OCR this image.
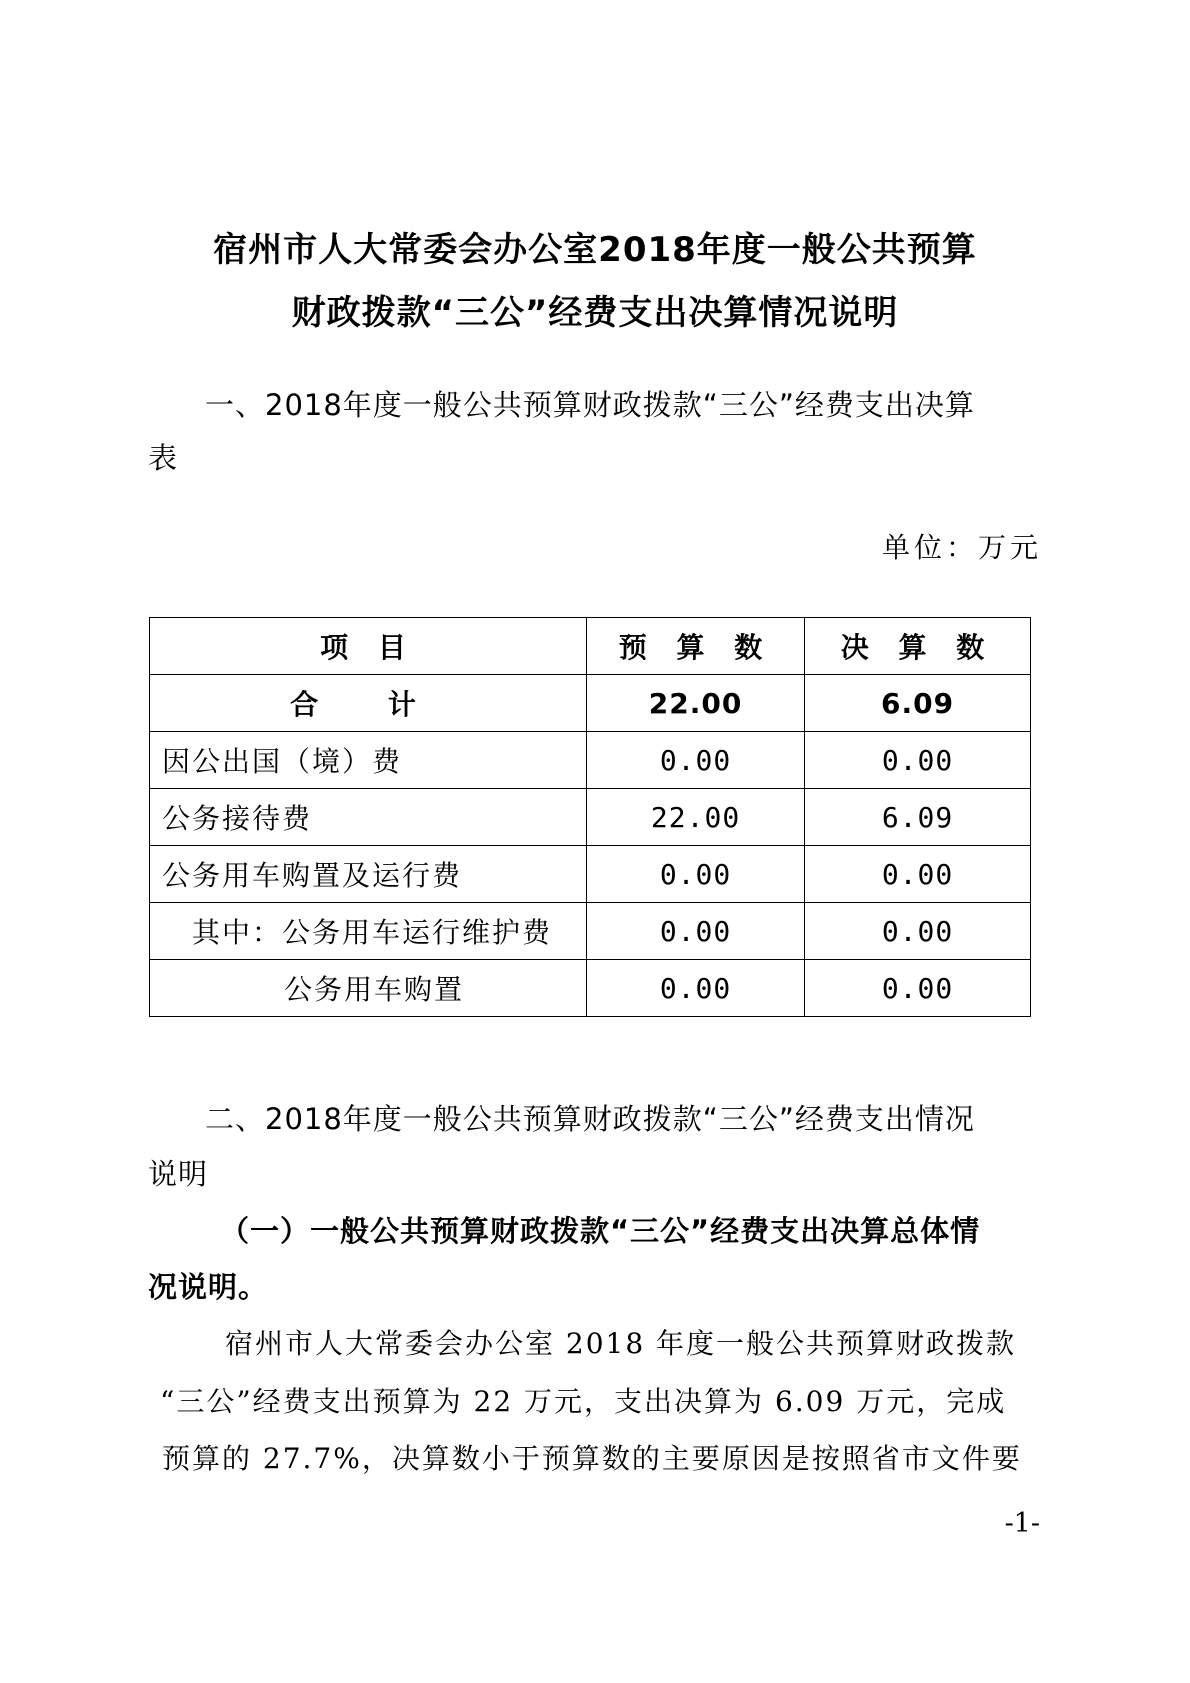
宿州市人大常委会办公室2018年度一般公共预算
财政拨款“三公”经费支出决算情况说明
一、2018年度一般公共预算财政拨款“三公”经费支出决算
表
单位：万元
项 目	预 算 数	决 算 数
合 计	22.00	6.09
因公出国（境）费	0.00	0.00
公务接待费	22.00	6.09
公务用车购置及运行费	0.00	0.00
其中：公务用车运行维护费	0.00	0.00
公务用车购置	0.00	0.00
二、2018年度一般公共预算财政拨款“三公”经费支出情况
说明
（一）一般公共预算财政拨款“三公”经费支出决算总体情
况说明。
宿州市人大常委会办公室 2018 年度一般公共预算财政拨款
“三公”经费支出预算为 22 万元，支出决算为 6.09 万元，完成
预算的 27.7%，决算数小于预算数的主要原因是按照省市文件要
-1-
